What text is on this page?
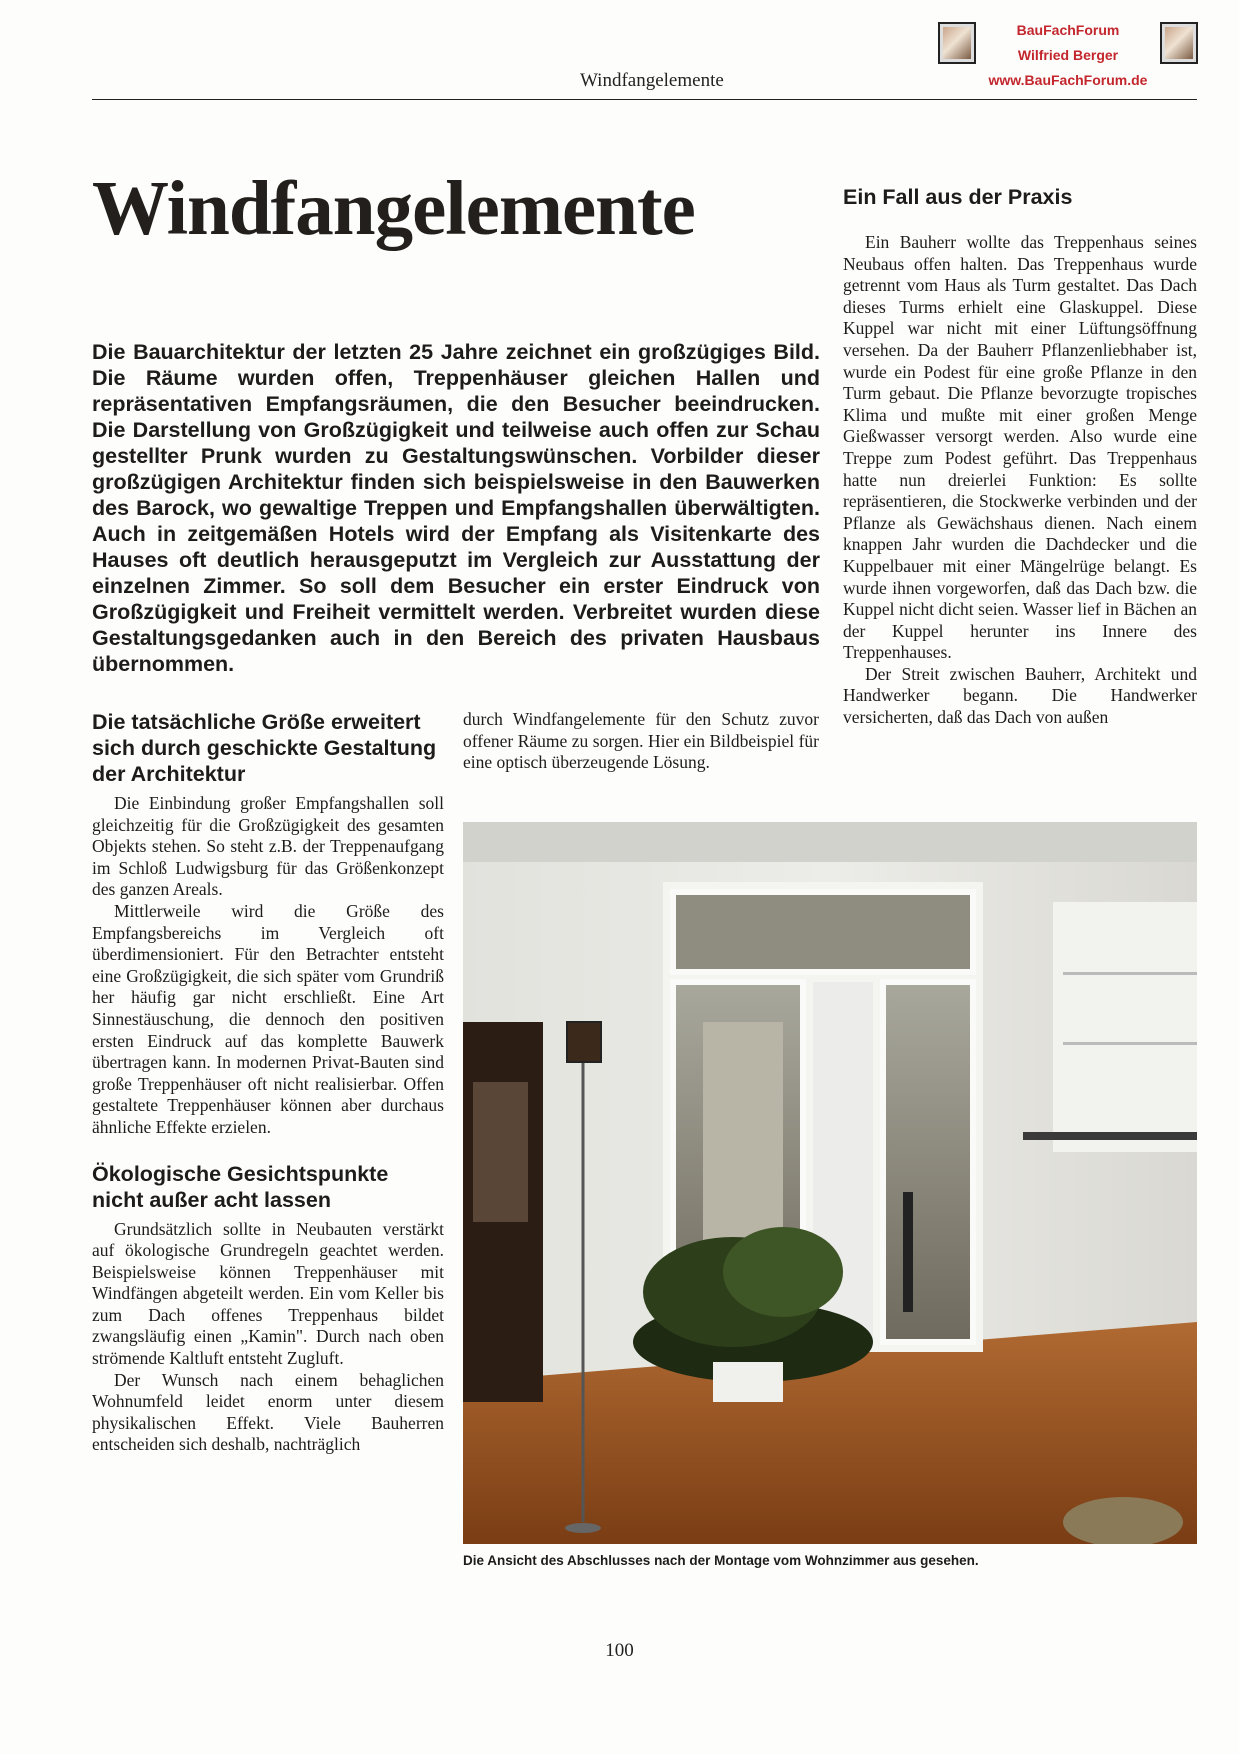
Windfangelemente
BauFachForum
Wilfried Berger
www.BauFachForum.de
Windfangelemente

Die Bauarchitektur der letzten 25 Jahre zeichnet ein großzügiges Bild. Die Räume wurden offen, Treppenhäuser gleichen Hallen und repräsentativen Empfangsräumen, die den Besucher beeindrucken. Die Darstellung von Großzügigkeit und teilweise auch offen zur Schau gestellter Prunk wurden zu Gestaltungswünschen. Vorbilder dieser großzügigen Architektur finden sich beispielsweise in den Bauwerken des Barock, wo gewaltige Treppen und Empfangshallen überwältigten. Auch in zeitgemäßen Hotels wird der Empfang als Visitenkarte des Hauses oft deutlich herausgeputzt im Vergleich zur Ausstattung der einzelnen Zimmer. So soll dem Besucher ein erster Eindruck von Großzügigkeit und Freiheit vermittelt werden. Verbreitet wurden diese Gestaltungsgedanken auch in den Bereich des privaten Hausbaus übernommen.

Die tatsächliche Größe erweitert sich durch geschickte Gestaltung der Architektur

Die Einbindung großer Empfangshallen soll gleichzeitig für die Großzügigkeit des gesamten Objekts stehen. So steht z.B. der Treppenaufgang im Schloß Ludwigsburg für das Größenkonzept des ganzen Areals.

Mittlerweile wird die Größe des Empfangsbereichs im Vergleich oft überdimensioniert. Für den Betrachter entsteht eine Großzügigkeit, die sich später vom Grundriß her häufig gar nicht erschließt. Eine Art Sinnestäuschung, die dennoch den positiven ersten Eindruck auf das komplette Bauwerk übertragen kann. In modernen Privat-Bauten sind große Treppenhäuser oft nicht realisierbar. Offen gestaltete Treppenhäuser können aber durchaus ähnliche Effekte erzielen.

Ökologische Gesichtspunkte nicht außer acht lassen

Grundsätzlich sollte in Neubauten verstärkt auf ökologische Grundregeln geachtet werden. Beispielsweise können Treppenhäuser mit Windfängen abgeteilt werden. Ein vom Keller bis zum Dach offenes Treppenhaus bildet zwangsläufig einen „Kamin". Durch nach oben strömende Kaltluft entsteht Zugluft.

Der Wunsch nach einem behaglichen Wohnumfeld leidet enorm unter diesem physikalischen Effekt. Viele Bauherren entscheiden sich deshalb, nachträglich

durch Windfangelemente für den Schutz zuvor offener Räume zu sorgen. Hier ein Bildbeispiel für eine optisch überzeugende Lösung.

Ein Fall aus der Praxis

Ein Bauherr wollte das Treppenhaus seines Neubaus offen halten. Das Treppenhaus wurde getrennt vom Haus als Turm gestaltet. Das Dach dieses Turms erhielt eine Glaskuppel. Diese Kuppel war nicht mit einer Lüftungsöffnung versehen. Da der Bauherr Pflanzenliebhaber ist, wurde ein Podest für eine große Pflanze in den Turm gebaut. Die Pflanze bevorzugte tropisches Klima und mußte mit einer großen Menge Gießwasser versorgt werden. Also wurde eine Treppe zum Podest geführt. Das Treppenhaus hatte nun dreierlei Funktion: Es sollte repräsentieren, die Stockwerke verbinden und der Pflanze als Gewächshaus dienen. Nach einem knappen Jahr wurden die Dachdecker und die Kuppelbauer mit einer Mängelrüge belangt. Es wurde ihnen vorgeworfen, daß das Dach bzw. die Kuppel nicht dicht seien. Wasser lief in Bächen an der Kuppel herunter ins Innere des Treppenhauses.

Der Streit zwischen Bauherr, Architekt und Handwerker begann. Die Handwerker versicherten, daß das Dach von außen

Die Ansicht des Abschlusses nach der Montage vom Wohnzimmer aus gesehen.
100
